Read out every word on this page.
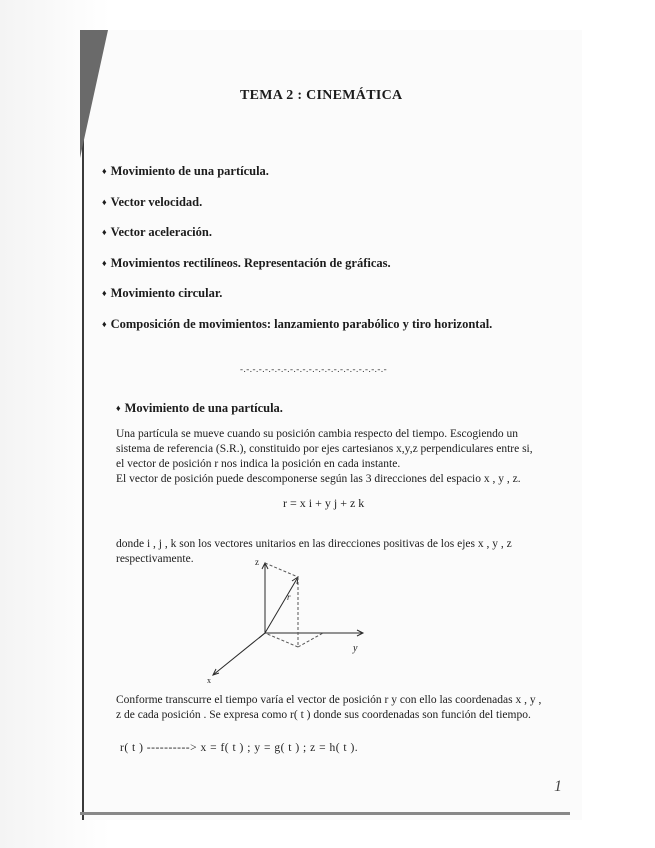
TEMA 2 : CINEMÁTICA
♦ Movimiento de una partícula.
♦ Vector velocidad.
♦ Vector aceleración.
♦ Movimientos rectilíneos. Representación de gráficas.
♦ Movimiento circular.
♦ Composición de movimientos: lanzamiento parabólico y tiro horizontal.
-.-.-.-.-.-.-.-.-.-.-.-.-.-.-.-.-.-.-.-.-.-.-.-
♦ Movimiento de una partícula.
Una partícula se mueve cuando su posición cambia respecto del tiempo. Escogiendo un
sistema de referencia (S.R.), constituido por ejes cartesianos x,y,z perpendiculares entre si,
el vector de posición r nos indica la posición en cada instante.
El vector de posición puede descomponerse según las 3 direcciones del espacio x , y , z.
r = x i + y j + z k
donde i , j , k son los vectores unitarios en las direcciones positivas de los ejes x , y , z
respectivamente.	z
y
x
r
Conforme transcurre el tiempo varía el vector de posición r y con ello las coordenadas x , y ,
z de cada posición . Se expresa como r( t ) donde sus coordenadas son función del tiempo.
r( t ) ----------> x = f( t ) ; y = g( t ) ; z = h( t ).
1
